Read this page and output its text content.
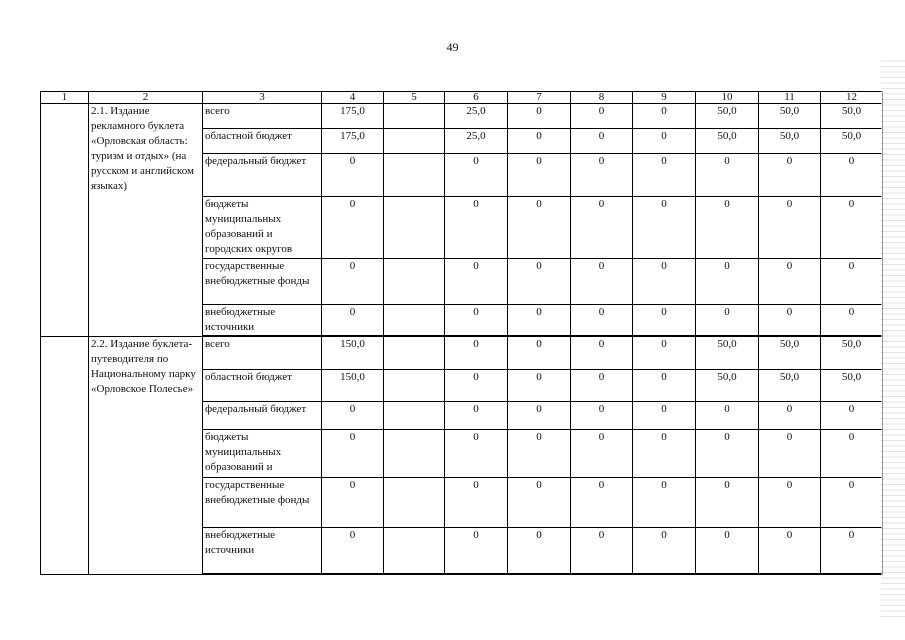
49
1	2	3	4	5	6	7	8	9	10	11	12
	2.1. Издание рекламного буклета «Орловская область: туризм и отдых» (на русском и английском языках)	всего	175,0		25,0	0	0	0	50,0	50,0	50,0
		областной бюджет	175,0		25,0	0	0	0	50,0	50,0	50,0
		федеральный бюджет	0		0	0	0	0	0	0	0
		бюджеты муниципальных образований и городских округов	0		0	0	0	0	0	0	0
		государственные внебюджетные фонды	0		0	0	0	0	0	0	0
		внебюджетные источники	0		0	0	0	0	0	0	0
	2.2. Издание буклета-путеводителя по Национальному парку «Орловское Полесье»	всего	150,0		0	0	0	0	50,0	50,0	50,0
		областной бюджет	150,0		0	0	0	0	50,0	50,0	50,0
		федеральный бюджет	0		0	0	0	0	0	0	0
		бюджеты муниципальных образований и	0		0	0	0	0	0	0	0
		государственные внебюджетные фонды	0		0	0	0	0	0	0	0
		внебюджетные источники	0		0	0	0	0	0	0	0
